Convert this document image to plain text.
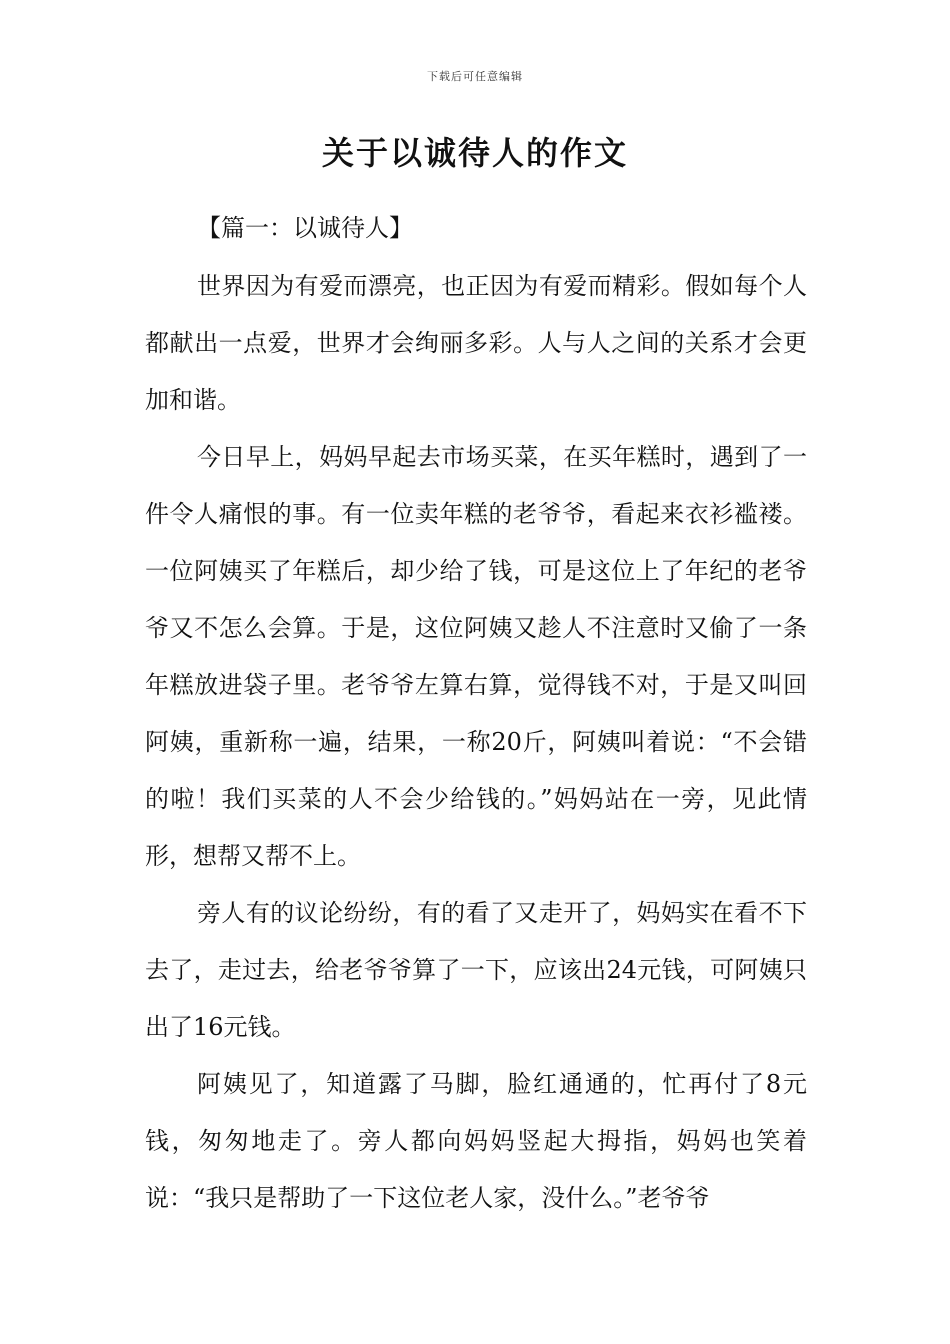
下载后可任意编辑
关于以诚待人的作文
【篇一：以诚待人】

世界因为有爱而漂亮，也正因为有爱而精彩。假如每个人都献出一点爱，世界才会绚丽多彩。人与人之间的关系才会更加和谐。

今日早上，妈妈早起去市场买菜，在买年糕时，遇到了一件令人痛恨的事。有一位卖年糕的老爷爷，看起来衣衫褴褛。一位阿姨买了年糕后，却少给了钱，可是这位上了年纪的老爷爷又不怎么会算。于是，这位阿姨又趁人不注意时又偷了一条年糕放进袋子里。老爷爷左算右算，觉得钱不对，于是又叫回阿姨，重新称一遍，结果，一称20斤，阿姨叫着说：“不会错的啦！我们买菜的人不会少给钱的。”妈妈站在一旁，见此情形，想帮又帮不上。

旁人有的议论纷纷，有的看了又走开了，妈妈实在看不下去了，走过去，给老爷爷算了一下，应该出24元钱，可阿姨只出了16元钱。

阿姨见了，知道露了马脚，脸红通通的，忙再付了8元钱，匆匆地走了。旁人都向妈妈竖起大拇指，妈妈也笑着说：“我只是帮助了一下这位老人家，没什么。”老爷爷
